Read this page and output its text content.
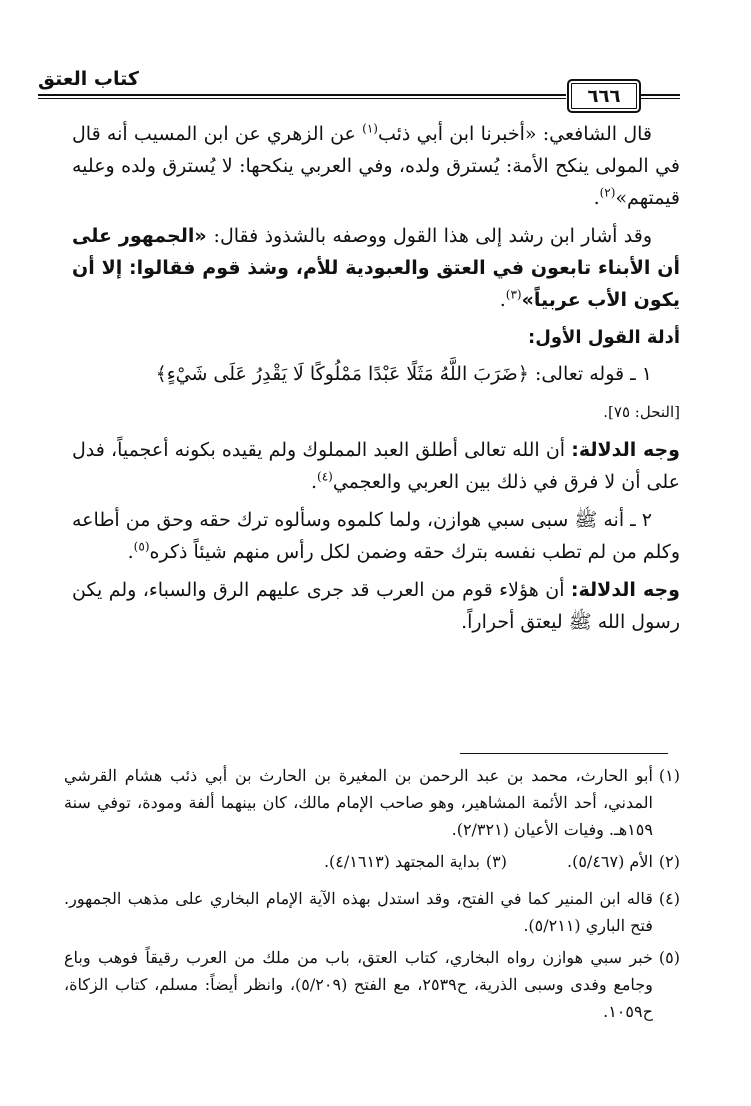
كتاب العتق
٦٦٦

قال الشافعي: «أخبرنا ابن أبي ذئب$^{(١)}$ عن الزهري عن ابن المسيب أنه قال في المولى ينكح الأمة: يُسترق ولده، وفي العربي ينكحها: لا يُسترق ولده وعليه قيمتهم»$^{(٢)}$.

وقد أشار ابن رشد إلى هذا القول ووصفه بالشذوذ فقال: «الجمهور على أن الأبناء تابعون في العتق والعبودية للأم، وشذ قوم فقالوا: إلا أن يكون الأب عربياً»$^{(٣)}$.

أدلة القول الأول:

١ ـ قوله تعالى: ﴿ضَرَبَ اللَّهُ مَثَلًا عَبْدًا مَمْلُوكًا لَا يَقْدِرُ عَلَى شَيْءٍ﴾

[النحل: ٧٥].

وجه الدلالة: أن الله تعالى أطلق العبد المملوك ولم يقيده بكونه أعجمياً، فدل على أن لا فرق في ذلك بين العربي والعجمي$^{(٤)}$.

٢ ـ أنه ﷺ سبى سبي هوازن، ولما كلموه وسألوه ترك حقه وحق من أطاعه وكلم من لم تطب نفسه بترك حقه وضمن لكل رأس منهم شيئاً ذكره$^{(٥)}$.

وجه الدلالة: أن هؤلاء قوم من العرب قد جرى عليهم الرق والسباء، ولم يكن رسول الله ﷺ ليعتق أحراراً.

(١)
أبو الحارث، محمد بن عبد الرحمن بن المغيرة بن الحارث بن أبي ذئب هشام القرشي المدني، أحد الأئمة المشاهير، وهو صاحب الإمام مالك، كان بينهما ألفة ومودة، توفي سنة ١٥٩هـ. وفيات الأعيان (٢/٣٢١).
(٢)
الأم (٥/٤٦٧).
(٣)
بداية المجتهد (٤/١٦١٣).
(٤)
قاله ابن المنير كما في الفتح، وقد استدل بهذه الآية الإمام البخاري على مذهب الجمهور. فتح الباري (٥/٢١١).
(٥)
خبر سبي هوازن رواه البخاري، كتاب العتق، باب من ملك من العرب رقيقاً فوهب وباع وجامع وفدى وسبى الذرية، ح٢٥٣٩، مع الفتح (٥/٢٠٩)، وانظر أيضاً: مسلم، كتاب الزكاة، ح١٠٥٩.
